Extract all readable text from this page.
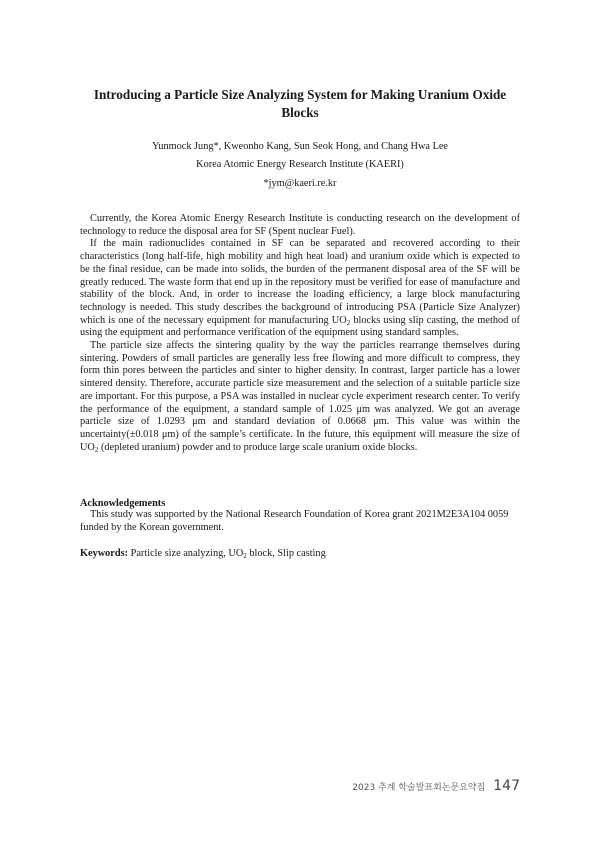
Introducing a Particle Size Analyzing System for Making Uranium Oxide Blocks
Yunmock Jung*, Kweonho Kang, Sun Seok Hong, and Chang Hwa Lee
Korea Atomic Energy Research Institute (KAERI)
*jym@kaeri.re.kr

Currently, the Korea Atomic Energy Research Institute is conducting research on the development of technology to reduce the disposal area for SF (Spent nuclear Fuel).

If the main radionuclides contained in SF can be separated and recovered according to their characteristics (long half-life, high mobility and high heat load) and uranium oxide which is expected to be the final residue, can be made into solids, the burden of the permanent disposal area of the SF will be greatly reduced. The waste form that end up in the repository must be verified for ease of manufacture and stability of the block. And, in order to increase the loading efficiency, a large block manufacturing technology is needed. This study describes the background of introducing PSA (Particle Size Analyzer) which is one of the necessary equipment for manufacturing $UO_2$ blocks using slip casting, the method of using the equipment and performance verification of the equipment using standard samples.

The particle size affects the sintering quality by the way the particles rearrange themselves during sintering. Powders of small particles are generally less free flowing and more difficult to compress, they form thin pores between the particles and sinter to higher density. In contrast, larger particle has a lower sintered density. Therefore, accurate particle size measurement and the selection of a suitable particle size are important. For this purpose, a PSA was installed in nuclear cycle experiment research center. To verify the performance of the equipment, a standard sample of 1.025 μm was analyzed. We got an average particle size of 1.0293 μm and standard deviation of 0.0668 μm. This value was within the uncertainty(±0.018 μm) of the sample’s certificate. In the future, this equipment will measure the size of $UO_2$ (depleted uranium) powder and to produce large scale uranium oxide blocks.

Acknowledgements

This study was supported by the National Research Foundation of Korea grant 2021M2E3A104 0059 funded by the Korean government.

Keywords: Particle size analyzing, $UO_2$ block, Slip casting
2023 추계 학술발표회논문요약집 147
